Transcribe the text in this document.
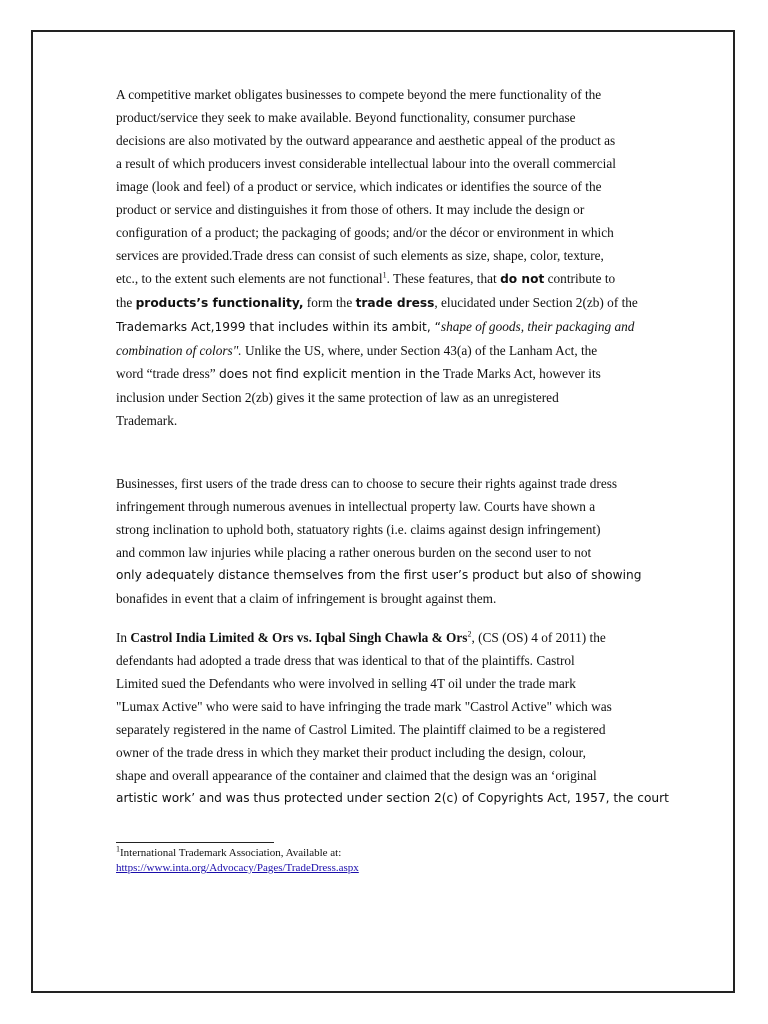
A competitive market obligates businesses to compete beyond the mere functionality of the
product/service they seek to make available. Beyond functionality, consumer purchase
decisions are also motivated by the outward appearance and aesthetic appeal of the product as
a result of which producers invest considerable intellectual labour into the overall commercial
image (look and feel) of a product or service, which indicates or identifies the source of the
product or service and distinguishes it from those of others. It may include the design or
configuration of a product; the packaging of goods; and/or the décor or environment in which
services are provided.Trade dress can consist of such elements as size, shape, color, texture,
etc., to the extent such elements are not functional$^1$. These features, that do not contribute to
the products’s functionality, form the trade dress, elucidated under Section 2(zb) of the
Trademarks Act,1999 that includes within its ambit, “shape of goods, their packaging and
combination of colors". Unlike the US, where, under Section 43(a) of the Lanham Act, the
word “trade dress” does not find explicit mention in the Trade Marks Act, however its
inclusion under Section 2(zb) gives it the same protection of law as an unregistered
Trademark.
Businesses, first users of the trade dress can to choose to secure their rights against trade dress
infringement through numerous avenues in intellectual property law. Courts have shown a
strong inclination to uphold both, statuatory rights (i.e. claims against design infringement)
and common law injuries while placing a rather onerous burden on the second user to not
only adequately distance themselves from the first user’s product but also of showing
bonafides in event that a claim of infringement is brought against them.
In Castrol India Limited & Ors vs. Iqbal Singh Chawla & Ors$^2$, (CS (OS) 4 of 2011) the
defendants had adopted a trade dress that was identical to that of the plaintiffs. Castrol
Limited sued the Defendants who were involved in selling 4T oil under the trade mark
"Lumax Active" who were said to have infringing the trade mark "Castrol Active" which was
separately registered in the name of Castrol Limited. The plaintiff claimed to be a registered
owner of the trade dress in which they market their product including the design, colour,
shape and overall appearance of the container and claimed that the design was an ‘original
artistic work’ and was thus protected under section 2(c) of Copyrights Act, 1957, the court
$^1$International Trademark Association, Available at:
https://www.inta.org/Advocacy/Pages/TradeDress.aspx
